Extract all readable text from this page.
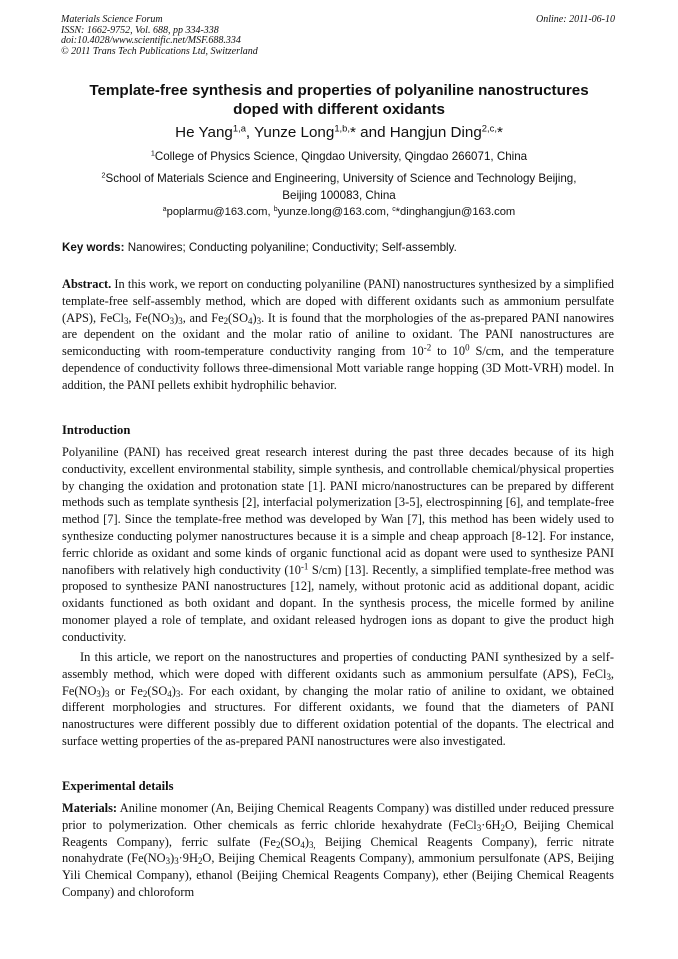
Materials Science Forum
ISSN: 1662-9752, Vol. 688, pp 334-338
doi:10.4028/www.scientific.net/MSF.688.334
© 2011 Trans Tech Publications Ltd, Switzerland
Online: 2011-06-10
Template-free synthesis and properties of polyaniline nanostructures
doped with different oxidants
He Yang$^{1,a}$, Yunze Long$^{1,b,}$* and Hangjun Ding$^{2,c,}$*
$^1$College of Physics Science, Qingdao University, Qingdao 266071, China
$^2$School of Materials Science and Engineering, University of Science and Technology Beijing,
Beijing 100083, China
$^a$poplarmu@163.com, $^b$yunze.long@163.com, $^c$*dinghangjun@163.com
Key words: Nanowires; Conducting polyaniline; Conductivity; Self-assembly.
Abstract. In this work, we report on conducting polyaniline (PANI) nanostructures synthesized by a simplified template-free self-assembly method, which are doped with different oxidants such as ammonium persulfate (APS), FeCl$_3$, $Fe(NO_3)_3$, and $Fe_2(SO_4)_3$. It is found that the morphologies of the as-prepared PANI nanowires are dependent on the oxidant and the molar ratio of aniline to oxidant. The PANI nanostructures are semiconducting with room-temperature conductivity ranging from $10^{-2}$ to $10^0$ S/cm, and the temperature dependence of conductivity follows three-dimensional Mott variable range hopping (3D Mott-VRH) model. In addition, the PANI pellets exhibit hydrophilic behavior.
Introduction
Polyaniline (PANI) has received great research interest during the past three decades because of its high conductivity, excellent environmental stability, simple synthesis, and controllable chemical/physical properties by changing the oxidation and protonation state [1]. PANI micro/nanostructures can be prepared by different methods such as template synthesis [2], interfacial polymerization [3-5], electrospinning [6], and template-free method [7]. Since the template-free method was developed by Wan [7], this method has been widely used to synthesize conducting polymer nanostructures because it is a simple and cheap approach [8-12]. For instance, ferric chloride as oxidant and some kinds of organic functional acid as dopant were used to synthesize PANI nanofibers with relatively high conductivity ($10^{-1}$ S/cm) [13]. Recently, a simplified template-free method was proposed to synthesize PANI nanostructures [12], namely, without protonic acid as additional dopant, acidic oxidants functioned as both oxidant and dopant. In the synthesis process, the micelle formed by aniline monomer played a role of template, and oxidant released hydrogen ions as dopant to give the product high conductivity.
In this article, we report on the nanostructures and properties of conducting PANI synthesized by a self-assembly method, which were doped with different oxidants such as ammonium persulfate (APS), FeCl$_3$, $Fe(NO_3)_3$ or $Fe_2(SO_4)_3$. For each oxidant, by changing the molar ratio of aniline to oxidant, we obtained different morphologies and structures. For different oxidants, we found that the diameters of PANI nanostructures were different possibly due to different oxidation potential of the dopants. The electrical and surface wetting properties of the as-prepared PANI nanostructures were also investigated.
Experimental details
Materials: Aniline monomer (An, Beijing Chemical Reagents Company) was distilled under reduced pressure prior to polymerization. Other chemicals as ferric chloride hexahydrate ($FeCl_3\cdot 6H_2O$, Beijing Chemical Reagents Company), ferric sulfate ($Fe_2(SO_4)_{3,}$ Beijing Chemical Reagents Company), ferric nitrate nonahydrate ($Fe(NO_3)_3\cdot 9H_2O$, Beijing Chemical Reagents Company), ammonium persulfonate (APS, Beijing Yili Chemical Company), ethanol (Beijing Chemical Reagents Company), ether (Beijing Chemical Reagents Company) and chloroform
